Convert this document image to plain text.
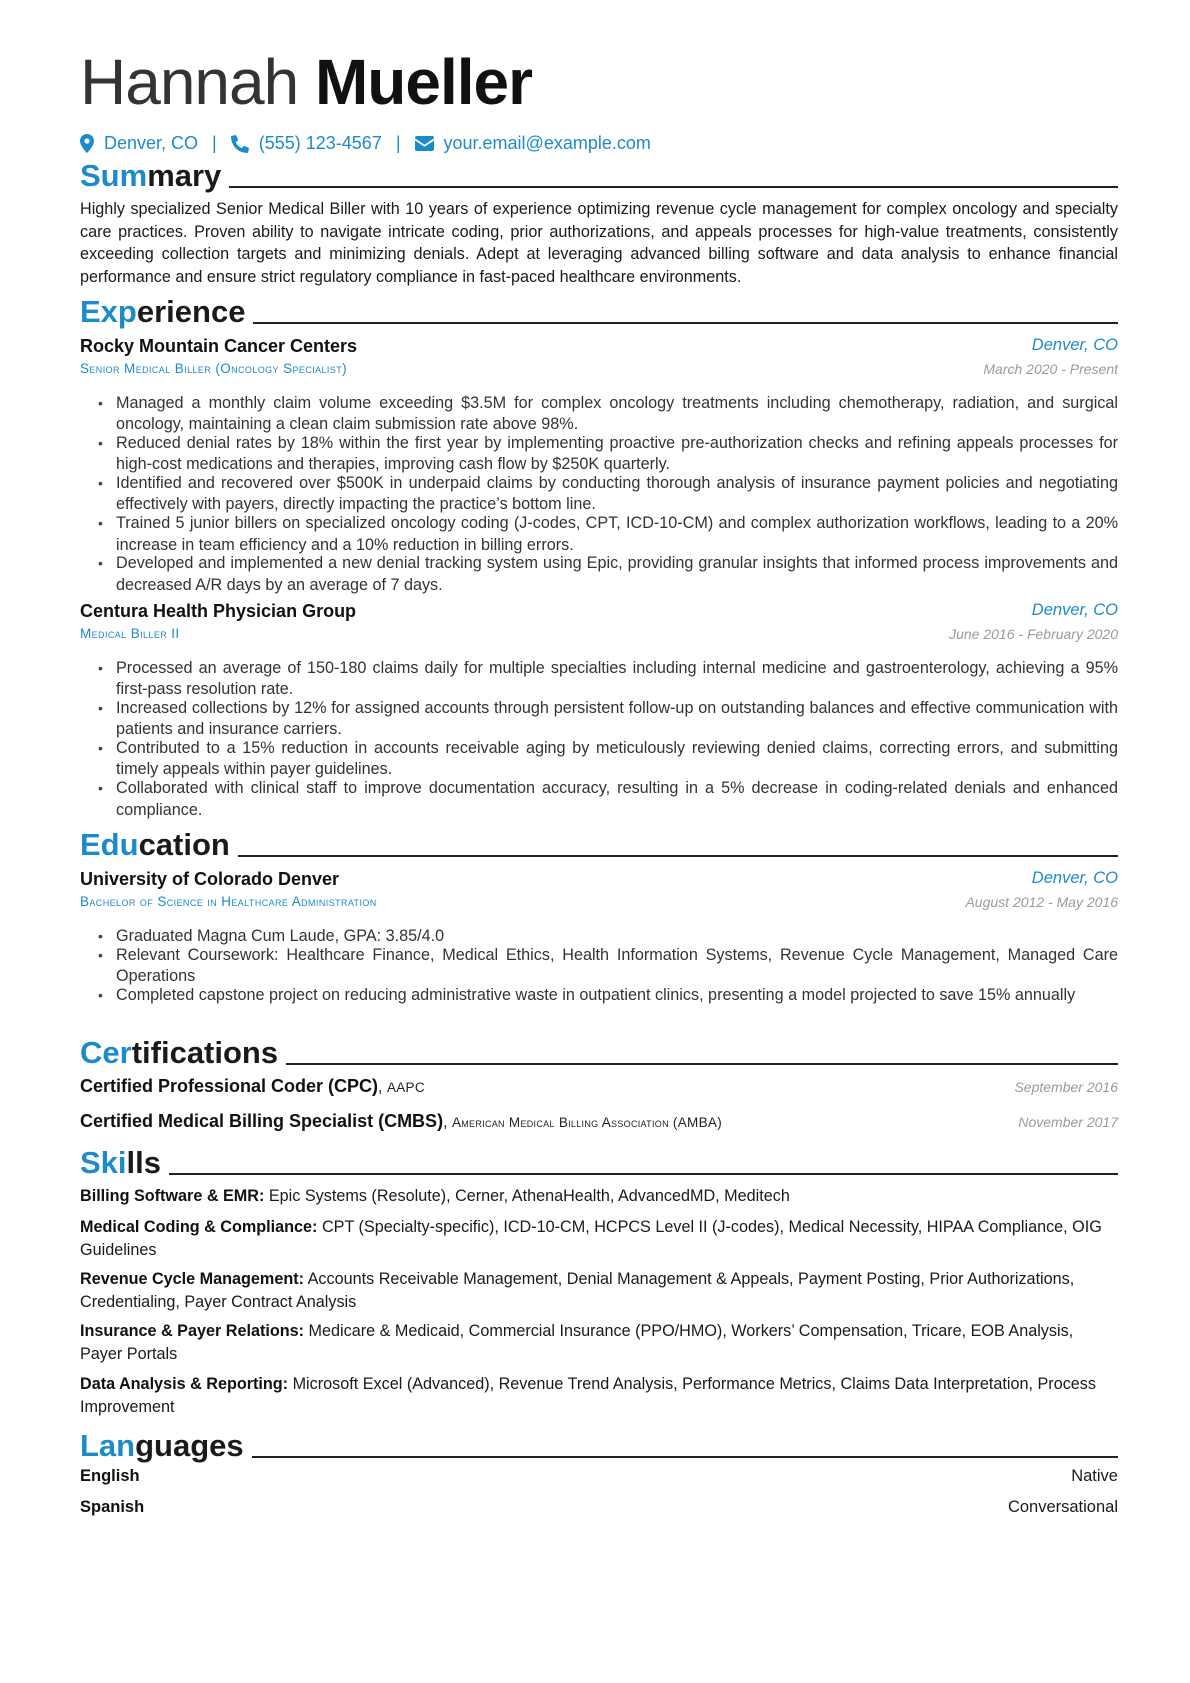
Hannah Mueller
Denver, CO | (555) 123-4567 | your.email@example.com
Summary
Highly specialized Senior Medical Biller with 10 years of experience optimizing revenue cycle management for complex oncology and specialty care practices. Proven ability to navigate intricate coding, prior authorizations, and appeals processes for high-value treatments, consistently exceeding collection targets and minimizing denials. Adept at leveraging advanced billing software and data analysis to enhance financial performance and ensure strict regulatory compliance in fast-paced healthcare environments.
Experience
Rocky Mountain Cancer Centers	Denver, CO
Senior Medical Biller (Oncology Specialist)	March 2020 - Present
• Managed a monthly claim volume exceeding $3.5M for complex oncology treatments including chemotherapy, radiation, and surgical oncology, maintaining a clean claim submission rate above 98%.
• Reduced denial rates by 18% within the first year by implementing proactive pre-authorization checks and refining appeals processes for high-cost medications and therapies, improving cash flow by $250K quarterly.
• Identified and recovered over $500K in underpaid claims by conducting thorough analysis of insurance payment policies and negotiating effectively with payers, directly impacting the practice’s bottom line.
• Trained 5 junior billers on specialized oncology coding (J-codes, CPT, ICD-10-CM) and complex authorization workflows, leading to a 20% increase in team efficiency and a 10% reduction in billing errors.
• Developed and implemented a new denial tracking system using Epic, providing granular insights that informed process improvements and decreased A/R days by an average of 7 days.
Centura Health Physician Group	Denver, CO
Medical Biller II	June 2016 - February 2020
• Processed an average of 150-180 claims daily for multiple specialties including internal medicine and gastroenterology, achieving a 95% first-pass resolution rate.
• Increased collections by 12% for assigned accounts through persistent follow-up on outstanding balances and effective communication with patients and insurance carriers.
• Contributed to a 15% reduction in accounts receivable aging by meticulously reviewing denied claims, correcting errors, and submitting timely appeals within payer guidelines.
• Collaborated with clinical staff to improve documentation accuracy, resulting in a 5% decrease in coding-related denials and enhanced compliance.
Education
University of Colorado Denver	Denver, CO
Bachelor of Science in Healthcare Administration	August 2012 - May 2016
• Graduated Magna Cum Laude, GPA: 3.85/4.0
• Relevant Coursework: Healthcare Finance, Medical Ethics, Health Information Systems, Revenue Cycle Management, Managed Care Operations
• Completed capstone project on reducing administrative waste in outpatient clinics, presenting a model projected to save 15% annually
Certifications
Certified Professional Coder (CPC), AAPC	September 2016
Certified Medical Billing Specialist (CMBS), American Medical Billing Association (AMBA)	November 2017
Skills
Billing Software & EMR: Epic Systems (Resolute), Cerner, AthenaHealth, AdvancedMD, Meditech
Medical Coding & Compliance: CPT (Specialty-specific), ICD-10-CM, HCPCS Level II (J-codes), Medical Necessity, HIPAA Compliance, OIG Guidelines
Revenue Cycle Management: Accounts Receivable Management, Denial Management & Appeals, Payment Posting, Prior Authorizations, Credentialing, Payer Contract Analysis
Insurance & Payer Relations: Medicare & Medicaid, Commercial Insurance (PPO/HMO), Workers’ Compensation, Tricare, EOB Analysis, Payer Portals
Data Analysis & Reporting: Microsoft Excel (Advanced), Revenue Trend Analysis, Performance Metrics, Claims Data Interpretation, Process Improvement
Languages
English	Native
Spanish	Conversational
